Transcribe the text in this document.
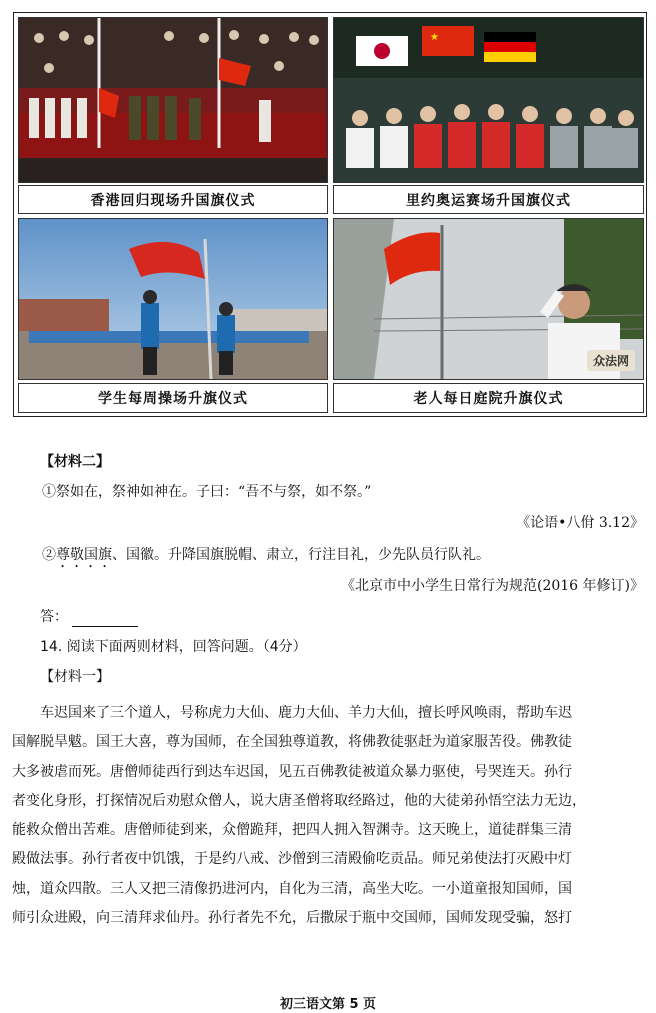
香港回归现场升国旗仪式
★
里约奥运赛场升国旗仪式
学生每周操场升旗仪式
众法网
老人每日庭院升旗仪式
【材料二】
①祭如在，祭神如神在。子曰：“吾不与祭，如不祭。”
《论语•八佾 3.12》
②尊敬国旗、国徽。升降国旗脱帽、肃立，行注目礼，少先队员行队礼。
《北京市中小学生日常行为规范(2016 年修订)》
答：
14. 阅读下面两则材料，回答问题。（4分）
【材料一】
车迟国来了三个道人，号称虎力大仙、鹿力大仙、羊力大仙，擅长呼风唤雨，帮助车迟
国解脱旱魃。国王大喜，尊为国师，在全国独尊道教，将佛教徒驱赶为道家服苦役。佛教徒
大多被虐而死。唐僧师徒西行到达车迟国，见五百佛教徒被道众暴力驱使，号哭连天。孙行
者变化身形，打探情况后劝慰众僧人，说大唐圣僧将取经路过，他的大徒弟孙悟空法力无边，
能救众僧出苦难。唐僧师徒到来，众僧跪拜，把四人拥入智渊寺。这天晚上，道徒群集三清
殿做法事。孙行者夜中饥饿，于是约八戒、沙僧到三清殿偷吃贡品。师兄弟使法打灭殿中灯
烛，道众四散。三人又把三清像扔进河内，自化为三清，高坐大吃。一小道童报知国师，国
师引众进殿，向三清拜求仙丹。孙行者先不允，后撒尿于瓶中交国师，国师发现受骗，怒打
初三语文第 5 页
